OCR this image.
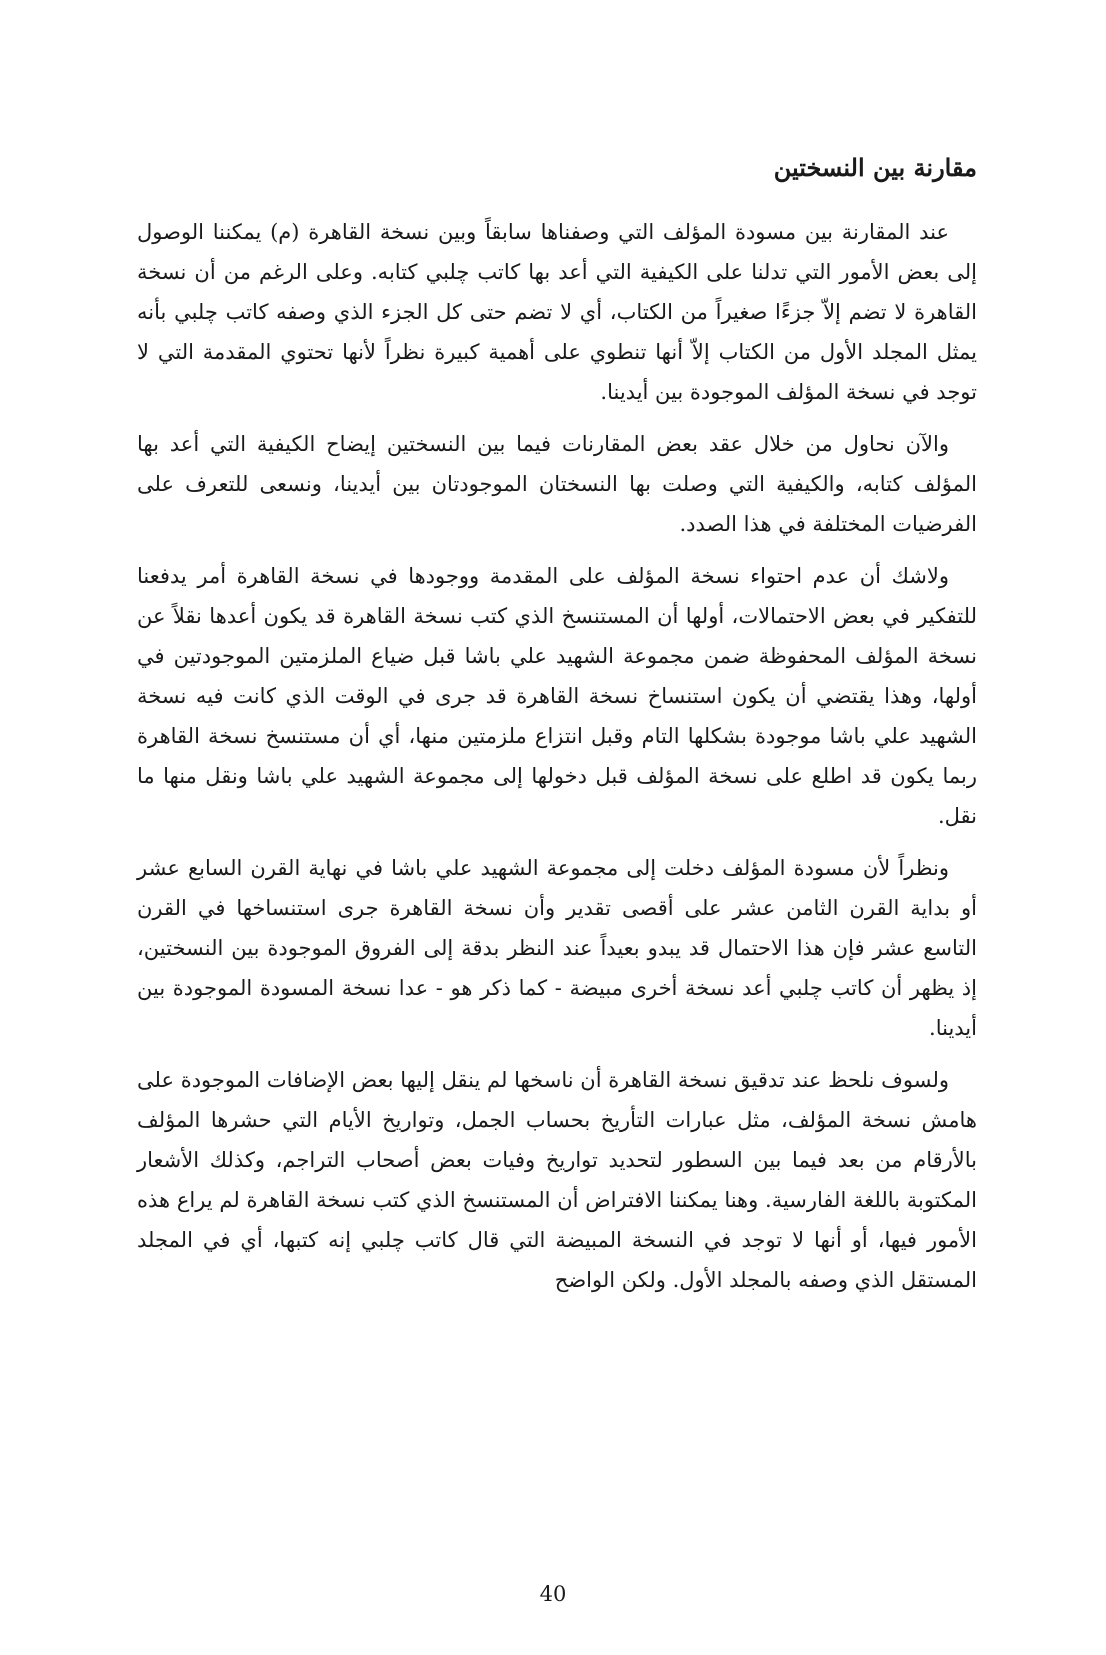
مقارنة بين النسختين

عند المقارنة بين مسودة المؤلف التي وصفناها سابقاً وبين نسخة القاهرة (م) يمكننا الوصول إلى بعض الأمور التي تدلنا على الكيفية التي أعد بها كاتب چلبي كتابه. وعلى الرغم من أن نسخة القاهرة لا تضم إلاّ جزءًا صغيراً من الكتاب، أي لا تضم حتى كل الجزء الذي وصفه كاتب چلبي بأنه يمثل المجلد الأول من الكتاب إلاّ أنها تنطوي على أهمية كبيرة نظراً لأنها تحتوي المقدمة التي لا توجد في نسخة المؤلف الموجودة بين أيدينا.

والآن نحاول من خلال عقد بعض المقارنات فيما بين النسختين إيضاح الكيفية التي أعد بها المؤلف كتابه، والكيفية التي وصلت بها النسختان الموجودتان بين أيدينا، ونسعى للتعرف على الفرضيات المختلفة في هذا الصدد.

ولاشك أن عدم احتواء نسخة المؤلف على المقدمة ووجودها في نسخة القاهرة أمر يدفعنا للتفكير في بعض الاحتمالات، أولها أن المستنسخ الذي كتب نسخة القاهرة قد يكون أعدها نقلاً عن نسخة المؤلف المحفوظة ضمن مجموعة الشهيد علي باشا قبل ضياع الملزمتين الموجودتين في أولها، وهذا يقتضي أن يكون استنساخ نسخة القاهرة قد جرى في الوقت الذي كانت فيه نسخة الشهيد علي باشا موجودة بشكلها التام وقبل انتزاع ملزمتين منها، أي أن مستنسخ نسخة القاهرة ربما يكون قد اطلع على نسخة المؤلف قبل دخولها إلى مجموعة الشهيد علي باشا ونقل منها ما نقل.

ونظراً لأن مسودة المؤلف دخلت إلى مجموعة الشهيد علي باشا في نهاية القرن السابع عشر أو بداية القرن الثامن عشر على أقصى تقدير وأن نسخة القاهرة جرى استنساخها في القرن التاسع عشر فإن هذا الاحتمال قد يبدو بعيداً عند النظر بدقة إلى الفروق الموجودة بين النسختين، إذ يظهر أن كاتب چلبي أعد نسخة أخرى مبيضة - كما ذكر هو - عدا نسخة المسودة الموجودة بين أيدينا.

ولسوف نلحظ عند تدقيق نسخة القاهرة أن ناسخها لم ينقل إليها بعض الإضافات الموجودة على هامش نسخة المؤلف، مثل عبارات التأريخ بحساب الجمل، وتواريخ الأيام التي حشرها المؤلف بالأرقام من بعد فيما بين السطور لتحديد تواريخ وفيات بعض أصحاب التراجم، وكذلك الأشعار المكتوبة باللغة الفارسية. وهنا يمكننا الافتراض أن المستنسخ الذي كتب نسخة القاهرة لم يراع هذه الأمور فيها، أو أنها لا توجد في النسخة المبيضة التي قال كاتب چلبي إنه كتبها، أي في المجلد المستقل الذي وصفه بالمجلد الأول. ولكن الواضح

40
